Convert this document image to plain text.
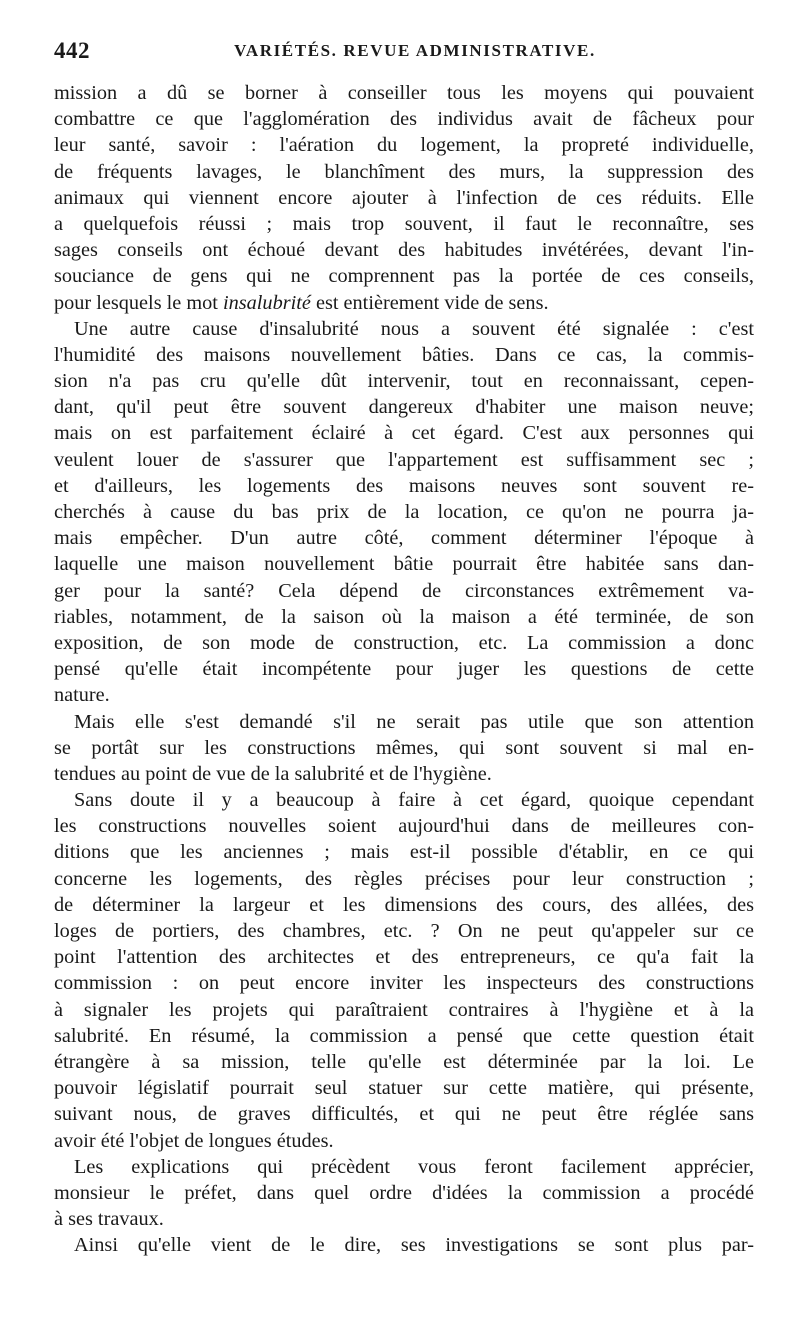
442	VARIÉTÉS. REVUE ADMINISTRATIVE.
mission a dû se borner à conseiller tous les moyens qui pouvaient
combattre ce que l'agglomération des individus avait de fâcheux pour
leur santé, savoir : l'aération du logement, la propreté individuelle,
de fréquents lavages, le blanchîment des murs, la suppression des
animaux qui viennent encore ajouter à l'infection de ces réduits. Elle
a quelquefois réussi ; mais trop souvent, il faut le reconnaître, ses
sages conseils ont échoué devant des habitudes invétérées, devant l'in-
souciance de gens qui ne comprennent pas la portée de ces conseils,
pour lesquels le mot insalubrité est entièrement vide de sens.
Une autre cause d'insalubrité nous a souvent été signalée : c'est
l'humidité des maisons nouvellement bâties. Dans ce cas, la commis-
sion n'a pas cru qu'elle dût intervenir, tout en reconnaissant, cepen-
dant, qu'il peut être souvent dangereux d'habiter une maison neuve;
mais on est parfaitement éclairé à cet égard. C'est aux personnes qui
veulent louer de s'assurer que l'appartement est suffisamment sec ;
et d'ailleurs, les logements des maisons neuves sont souvent re-
cherchés à cause du bas prix de la location, ce qu'on ne pourra ja-
mais empêcher. D'un autre côté, comment déterminer l'époque à
laquelle une maison nouvellement bâtie pourrait être habitée sans dan-
ger pour la santé? Cela dépend de circonstances extrêmement va-
riables, notamment, de la saison où la maison a été terminée, de son
exposition, de son mode de construction, etc. La commission a donc
pensé qu'elle était incompétente pour juger les questions de cette
nature.
Mais elle s'est demandé s'il ne serait pas utile que son attention
se portât sur les constructions mêmes, qui sont souvent si mal en-
tendues au point de vue de la salubrité et de l'hygiène.
Sans doute il y a beaucoup à faire à cet égard, quoique cependant
les constructions nouvelles soient aujourd'hui dans de meilleures con-
ditions que les anciennes ; mais est-il possible d'établir, en ce qui
concerne les logements, des règles précises pour leur construction ;
de déterminer la largeur et les dimensions des cours, des allées, des
loges de portiers, des chambres, etc. ? On ne peut qu'appeler sur ce
point l'attention des architectes et des entrepreneurs, ce qu'a fait la
commission : on peut encore inviter les inspecteurs des constructions
à signaler les projets qui paraîtraient contraires à l'hygiène et à la
salubrité. En résumé, la commission a pensé que cette question était
étrangère à sa mission, telle qu'elle est déterminée par la loi. Le
pouvoir législatif pourrait seul statuer sur cette matière, qui présente,
suivant nous, de graves difficultés, et qui ne peut être réglée sans
avoir été l'objet de longues études.
Les explications qui précèdent vous feront facilement apprécier,
monsieur le préfet, dans quel ordre d'idées la commission a procédé
à ses travaux.
Ainsi qu'elle vient de le dire, ses investigations se sont plus par-
